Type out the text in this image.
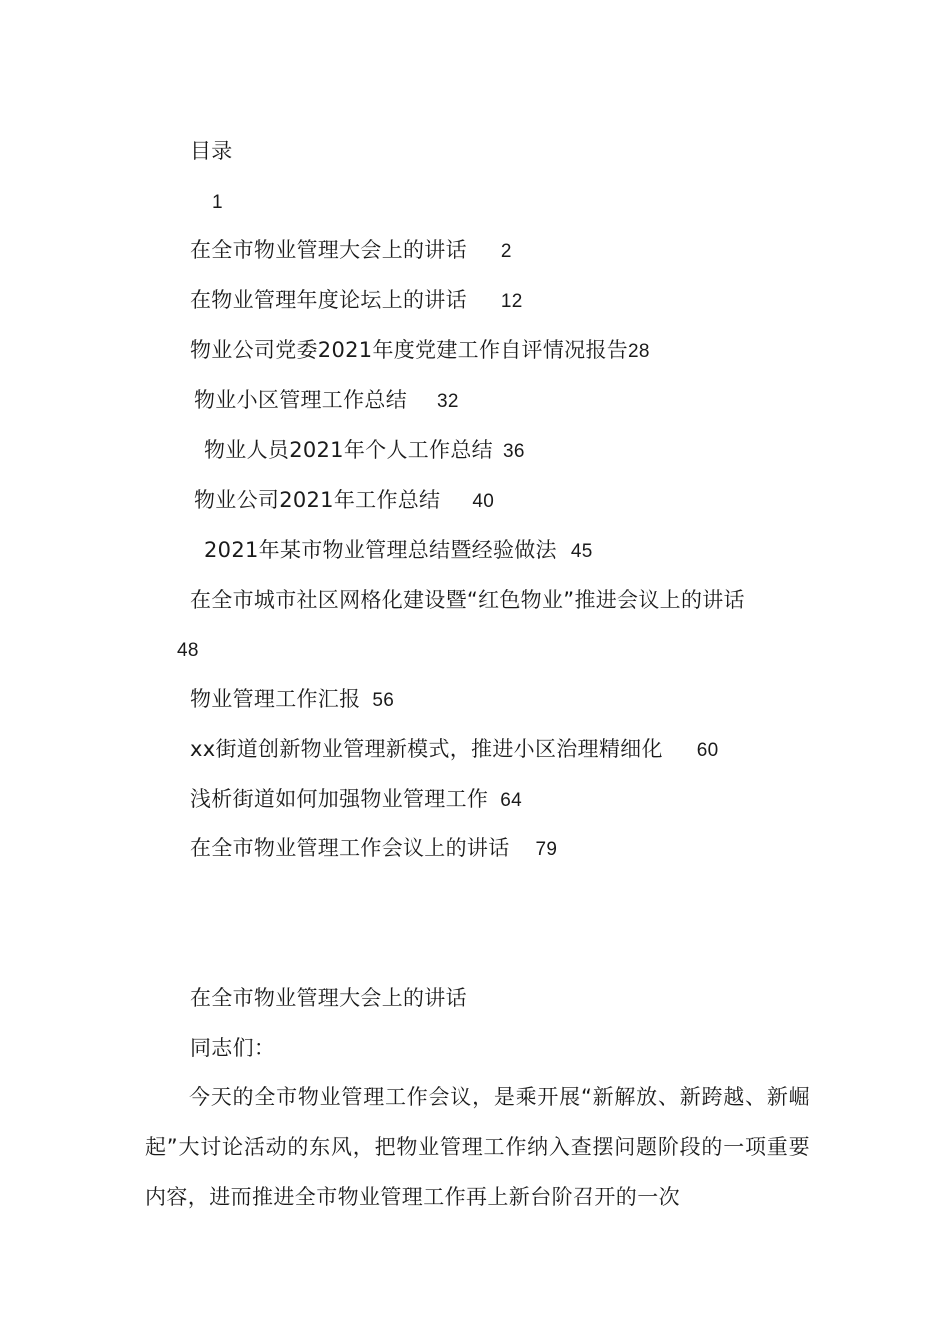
目录
1
在全市物业管理大会上的讲话 2
在物业管理年度论坛上的讲话 12
物业公司党委2021年度党建工作自评情况报告28
物业小区管理工作总结 32
物业人员2021年个人工作总结 36
物业公司2021年工作总结 40
2021年某市物业管理总结暨经验做法 45
在全市城市社区网格化建设暨“红色物业”推进会议上的讲话
48
物业管理工作汇报 56
xx街道创新物业管理新模式，推进小区治理精细化 60
浅析街道如何加强物业管理工作 64
在全市物业管理工作会议上的讲话 79
在全市物业管理大会上的讲话
同志们：
今天的全市物业管理工作会议，是乘开展“新解放、新跨越、新崛起”大讨论活动的东风，把物业管理工作纳入查摆问题阶段的一项重要内容，进而推进全市物业管理工作再上新台阶召开的一次
